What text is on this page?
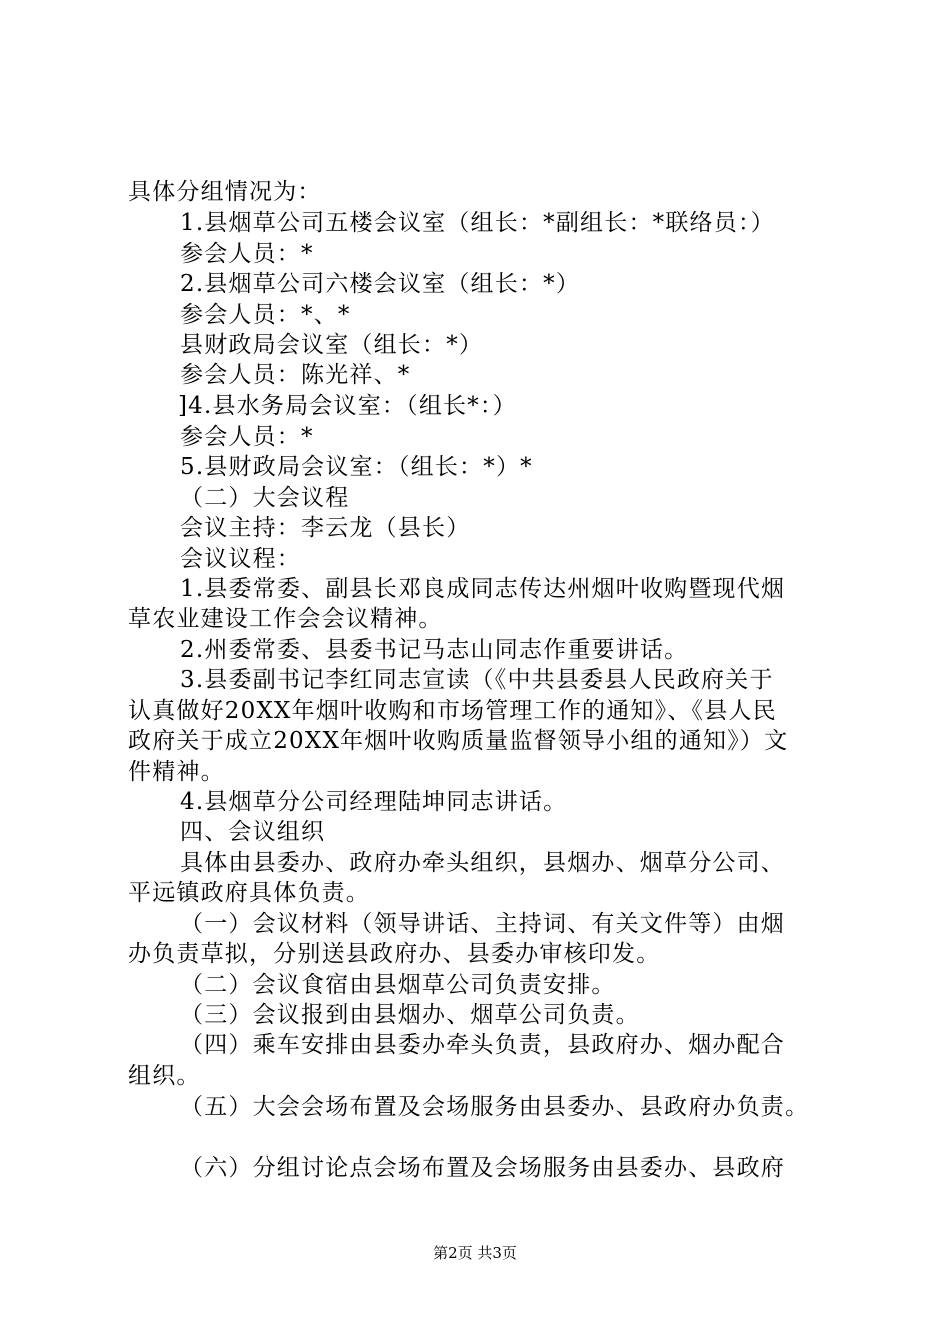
具体分组情况为：
1.县烟草公司五楼会议室（组长：*副组长：*联络员：）
参会人员：*
2.县烟草公司六楼会议室（组长：*）
参会人员：*、*
县财政局会议室（组长：*）
参会人员：陈光祥、*
]4.县水务局会议室：（组长*：）
参会人员：*
5.县财政局会议室：（组长：*）*
（二）大会议程
会议主持：李云龙（县长）
会议议程：
1.县委常委、副县长邓良成同志传达州烟叶收购暨现代烟
草农业建设工作会会议精神。
2.州委常委、县委书记马志山同志作重要讲话。
3.县委副书记李红同志宣读（《中共县委县人民政府关于
认真做好20XX年烟叶收购和市场管理工作的通知》、《县人民
政府关于成立20XX年烟叶收购质量监督领导小组的通知》）文
件精神。
4.县烟草分公司经理陆坤同志讲话。
四、会议组织
具体由县委办、政府办牵头组织，县烟办、烟草分公司、
平远镇政府具体负责。
（一）会议材料（领导讲话、主持词、有关文件等）由烟
办负责草拟，分别送县政府办、县委办审核印发。
（二）会议食宿由县烟草公司负责安排。
（三）会议报到由县烟办、烟草公司负责。
（四）乘车安排由县委办牵头负责，县政府办、烟办配合
组织。
（五）大会会场布置及会场服务由县委办、县政府办负责。
（六）分组讨论点会场布置及会场服务由县委办、县政府
第2页 共3页
